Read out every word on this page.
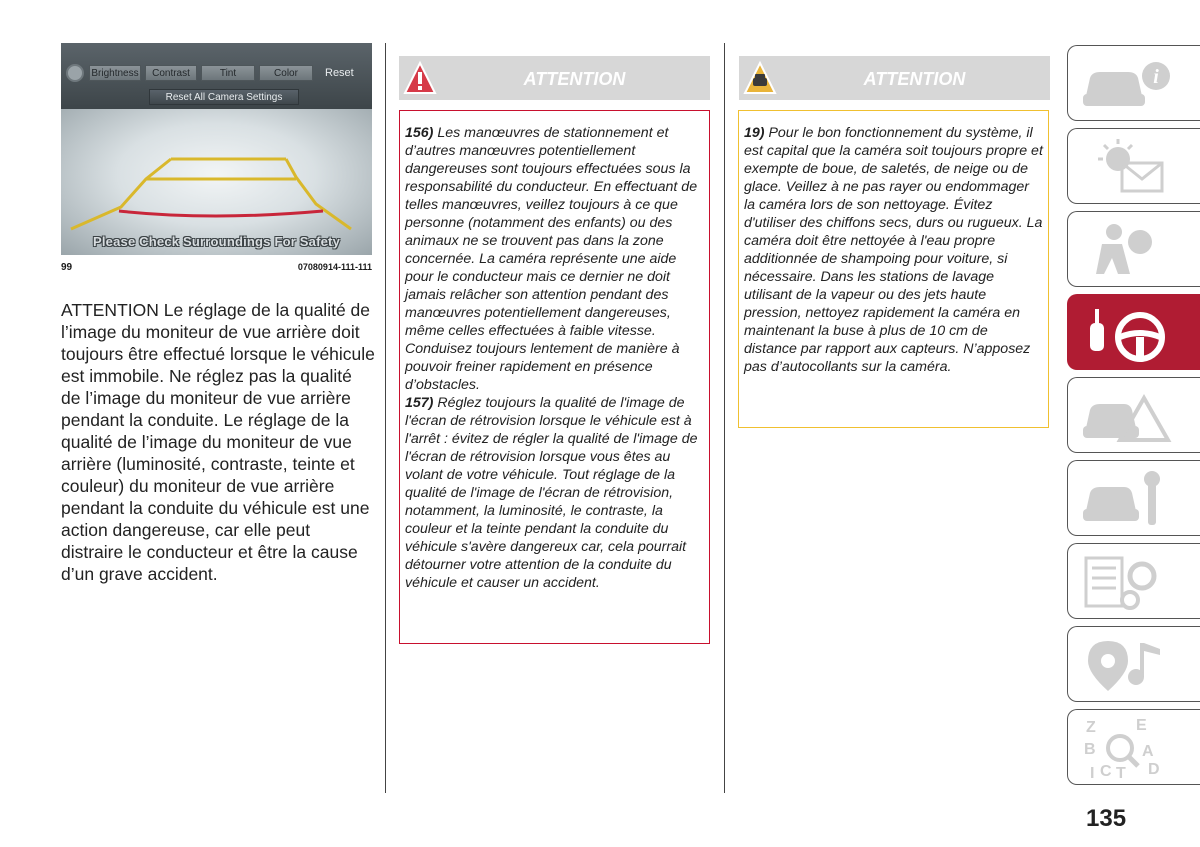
Brightness	Contrast	Tint	Color	Reset
Reset All Camera Settings
Please Check Surroundings For Safety
99	07080914-111-111
ATTENTION Le réglage de la qualité de l’image du moniteur de vue arrière doit toujours être effectué lorsque le véhicule est immobile. Ne réglez pas la qualité de l’image du moniteur de vue arrière pendant la conduite. Le réglage de la qualité de l’image du moniteur de vue arrière (luminosité, contraste, teinte et couleur) du moniteur de vue arrière pendant la conduite du véhicule est une action dangereuse, car elle peut distraire le conducteur et être la cause d’un grave accident.
ATTENTION

156) Les manœuvres de stationnement et d’autres manœuvres potentiellement dangereuses sont toujours effectuées sous la responsabilité du conducteur. En effectuant de telles manœuvres, veillez toujours à ce que personne (notamment des enfants) ou des animaux ne se trouvent pas dans la zone concernée. La caméra représente une aide pour le conducteur mais ce dernier ne doit jamais relâcher son attention pendant des manœuvres potentiellement dangereuses, même celles effectuées à faible vitesse. Conduisez toujours lentement de manière à pouvoir freiner rapidement en présence d’obstacles.

157) Réglez toujours la qualité de l'image de l'écran de rétrovision lorsque le véhicule est à l'arrêt : évitez de régler la qualité de l'image de l'écran de rétrovision lorsque vous êtes au volant de votre véhicule. Tout réglage de la qualité de l'image de l'écran de rétrovision, notamment, la luminosité, le contraste, la couleur et la teinte pendant la conduite du véhicule s'avère dangereux car, cela pourrait détourner votre attention de la conduite du véhicule et causer un accident.

ATTENTION

19) Pour le bon fonctionnement du système, il est capital que la caméra soit toujours propre et exempte de boue, de saletés, de neige ou de glace. Veillez à ne pas rayer ou endommager la caméra lors de son nettoyage. Évitez d'utiliser des chiffons secs, durs ou rugueux. La caméra doit être nettoyée à l'eau propre additionnée de shampoing pour voiture, si nécessaire. Dans les stations de lavage utilisant de la vapeur ou des jets haute pression, nettoyez rapidement la caméra en maintenant la buse à plus de 10 cm de distance par rapport aux capteurs. N’apposez pas d’autocollants sur la caméra.

i
Z	E
B	A
C T D
I
135
